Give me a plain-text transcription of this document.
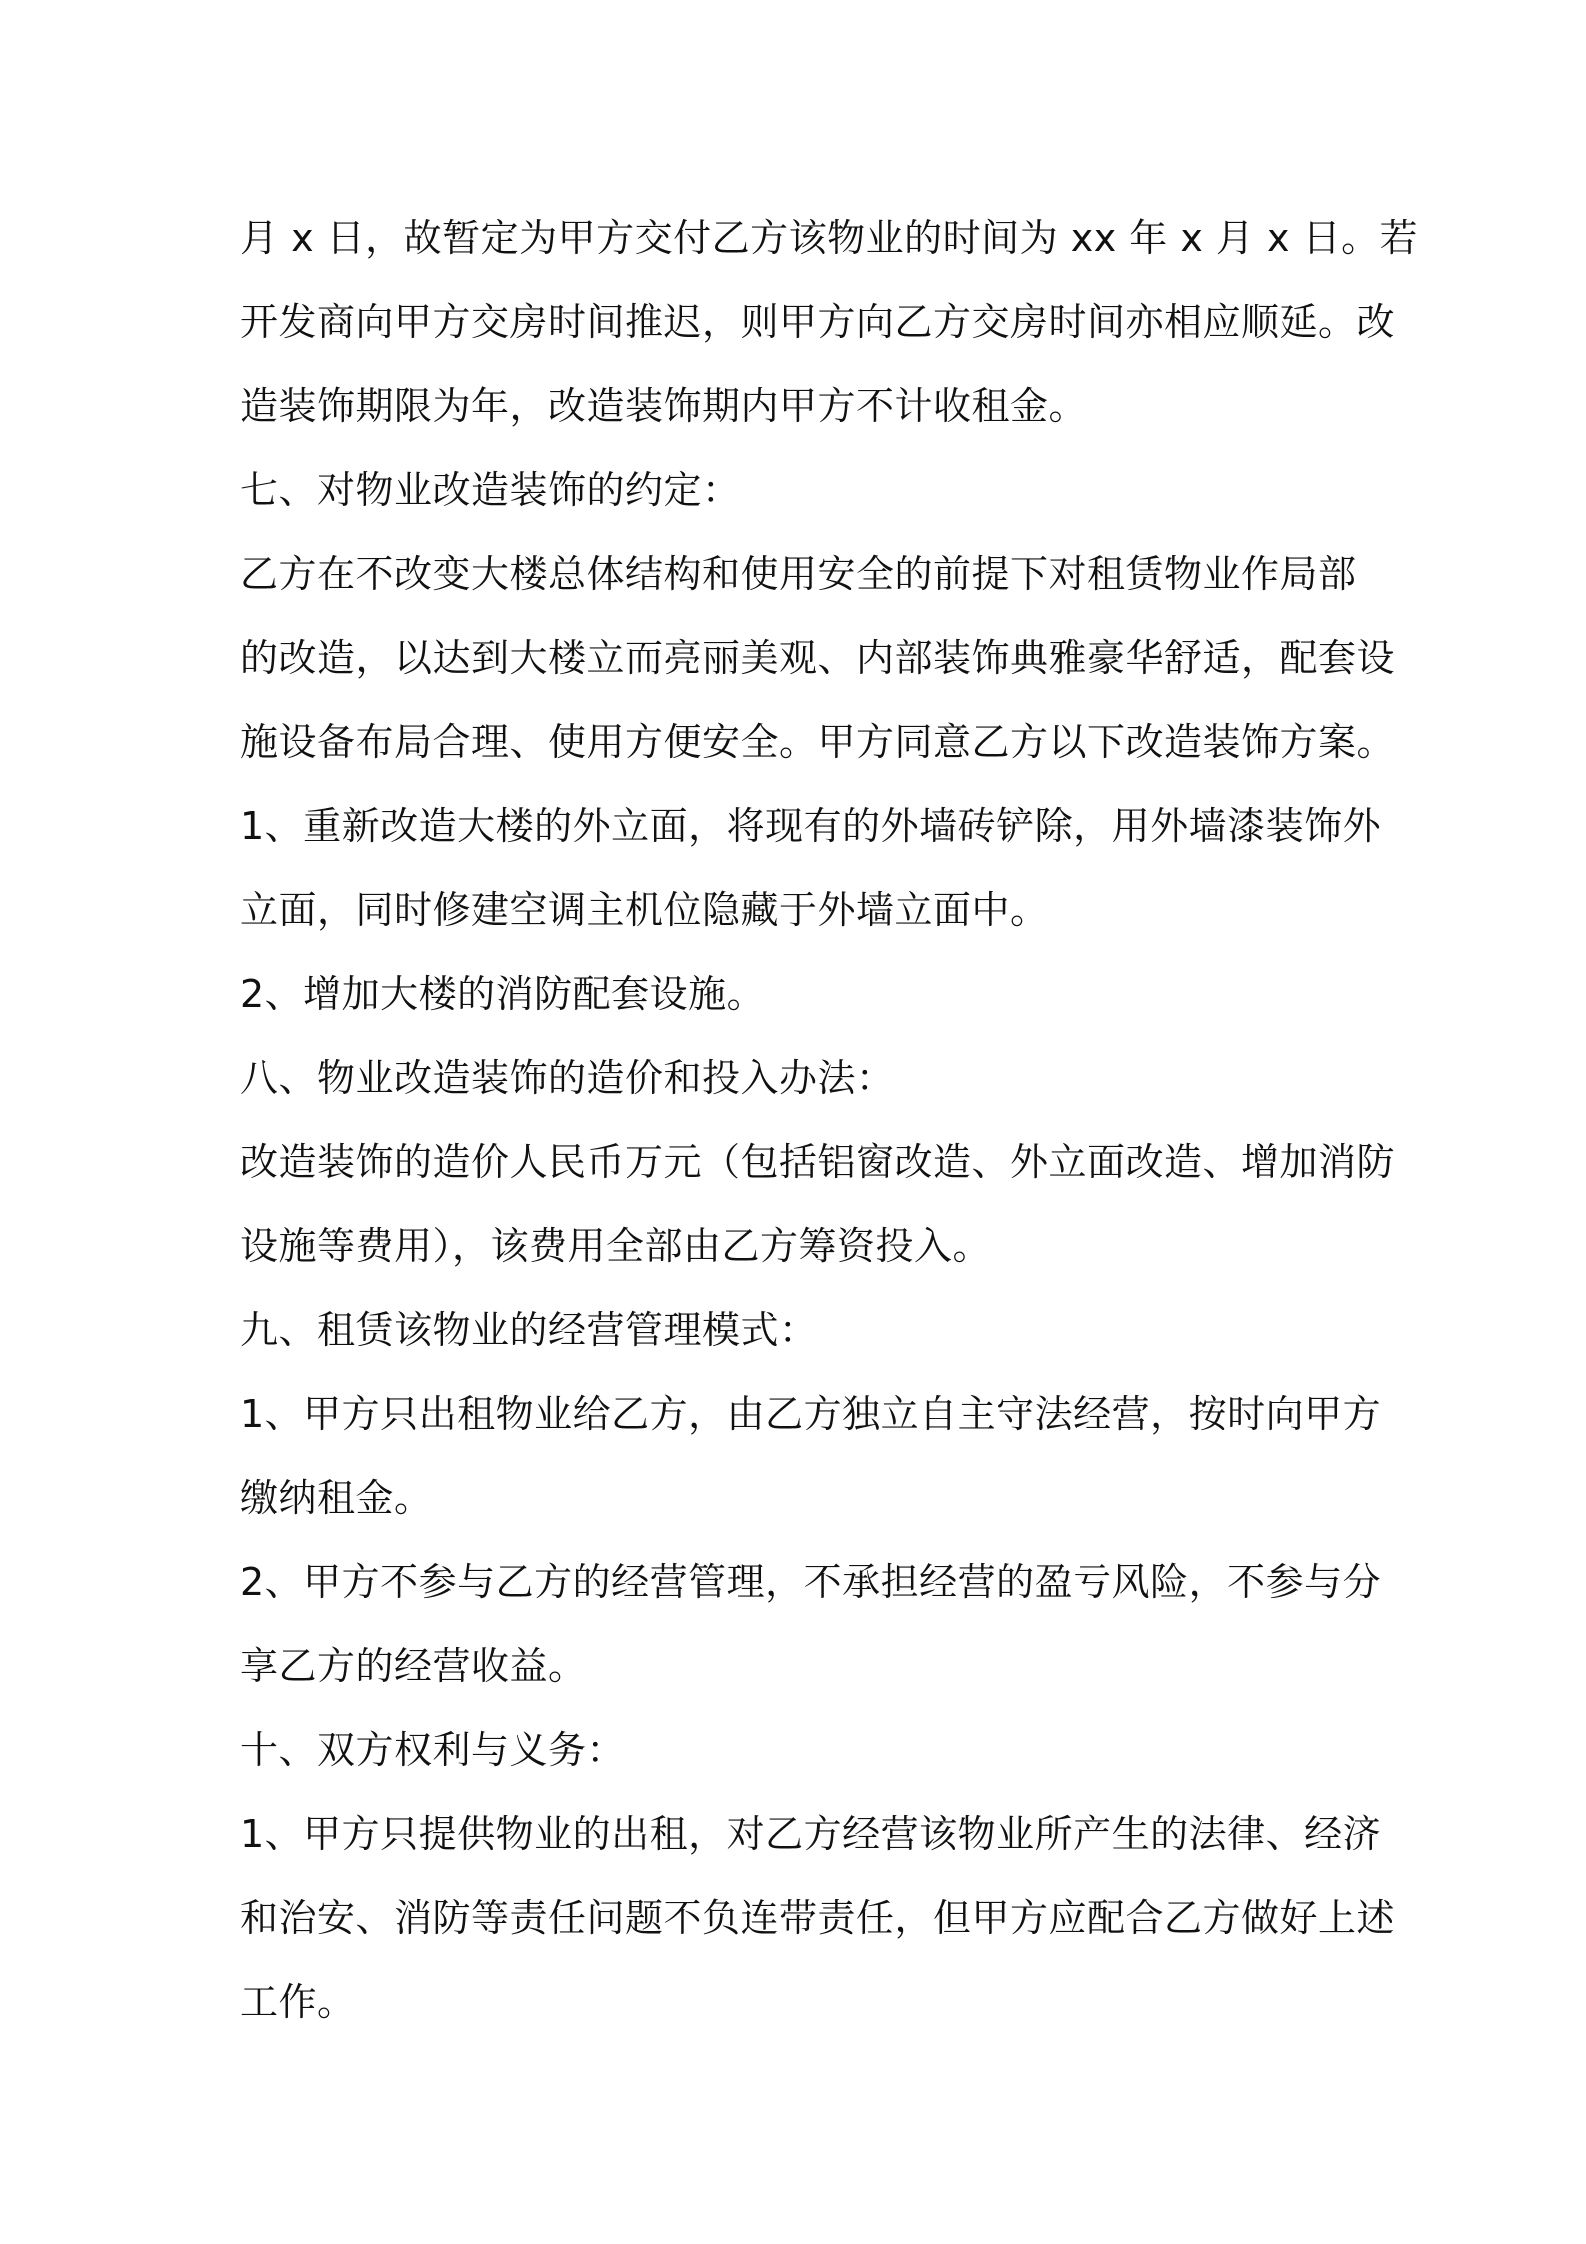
月 x 日，故暂定为甲方交付乙方该物业的时间为 xx 年 x 月 x 日。若
开发商向甲方交房时间推迟，则甲方向乙方交房时间亦相应顺延。改
造装饰期限为年，改造装饰期内甲方不计收租金。
七、对物业改造装饰的约定：
乙方在不改变大楼总体结构和使用安全的前提下对租赁物业作局部
的改造，以达到大楼立而亮丽美观、内部装饰典雅豪华舒适，配套设
施设备布局合理、使用方便安全。甲方同意乙方以下改造装饰方案。
1、重新改造大楼的外立面，将现有的外墙砖铲除，用外墙漆装饰外
立面，同时修建空调主机位隐藏于外墙立面中。
2、增加大楼的消防配套设施。
八、物业改造装饰的造价和投入办法：
改造装饰的造价人民币万元（包括铝窗改造、外立面改造、增加消防
设施等费用），该费用全部由乙方筹资投入。
九、租赁该物业的经营管理模式：
1、甲方只出租物业给乙方，由乙方独立自主守法经营，按时向甲方
缴纳租金。
2、甲方不参与乙方的经营管理，不承担经营的盈亏风险，不参与分
享乙方的经营收益。
十、双方权利与义务：
1、甲方只提供物业的出租，对乙方经营该物业所产生的法律、经济
和治安、消防等责任问题不负连带责任，但甲方应配合乙方做好上述
工作。
